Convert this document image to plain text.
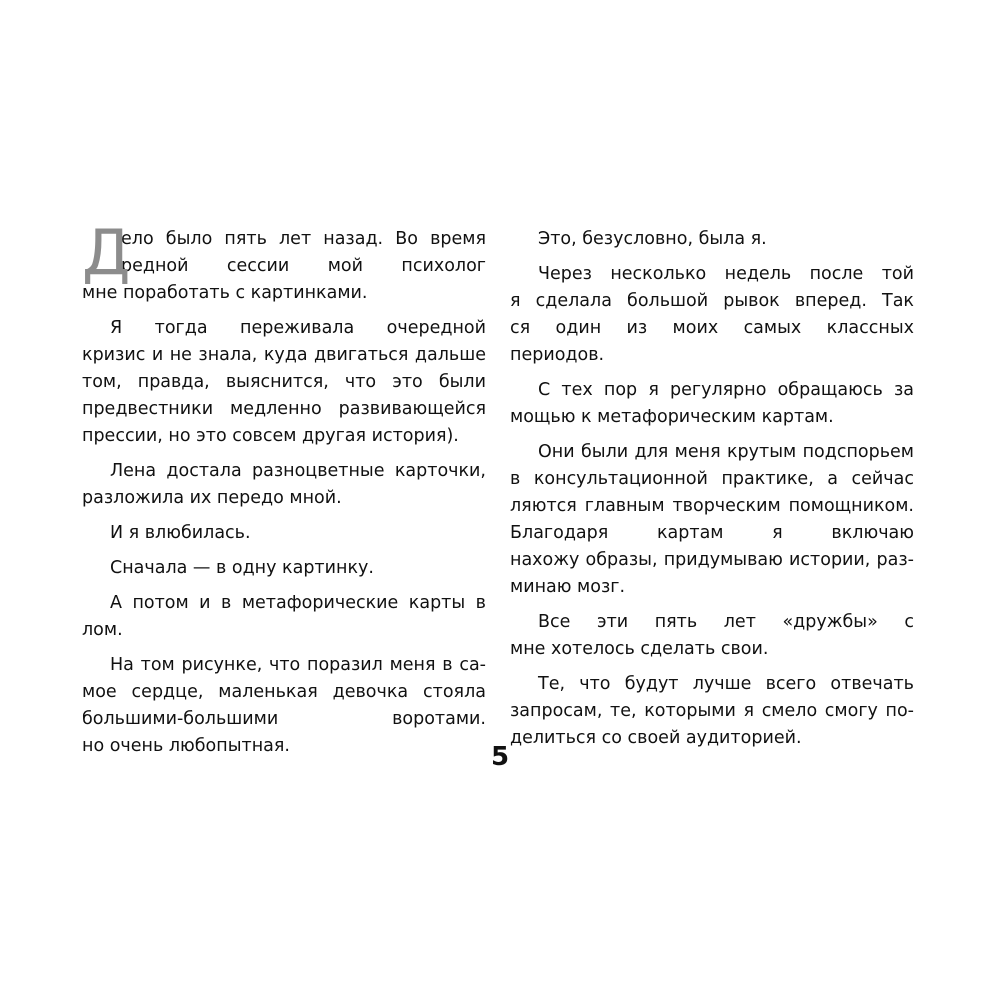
Д
ело было пять лет назад. Во время
редной сессии мой психолог
мне поработать с картинками.
Я тогда переживала очередной
кризис и не знала, куда двигаться дальше
том, правда, выяснится, что это были
предвестники медленно развивающейся
прессии, но это совсем другая история).
Лена достала разноцветные карточки,
разложила их передо мной.
И я влюбилась.
Сначала — в одну картинку.
А потом и в метафорические карты в
лом.
На том рисунке, что поразил меня в са-
мое сердце, маленькая девочка стояла
большими-большими воротами.
но очень любопытная.
Это, безусловно, была я.
Через несколько недель после той
я сделала большой рывок вперед. Так
ся один из моих самых классных
периодов.
С тех пор я регулярно обращаюсь за
мощью к метафорическим картам.
Они были для меня крутым подспорьем
в консультационной практике, а сейчас
ляются главным творческим помощником.
Благодаря картам я включаю
нахожу образы, придумываю истории, раз-
минаю мозг.
Все эти пять лет «дружбы» с
мне хотелось сделать свои.
Те, что будут лучше всего отвечать
запросам, те, которыми я смело смогу по-
делиться со своей аудиторией.
5
